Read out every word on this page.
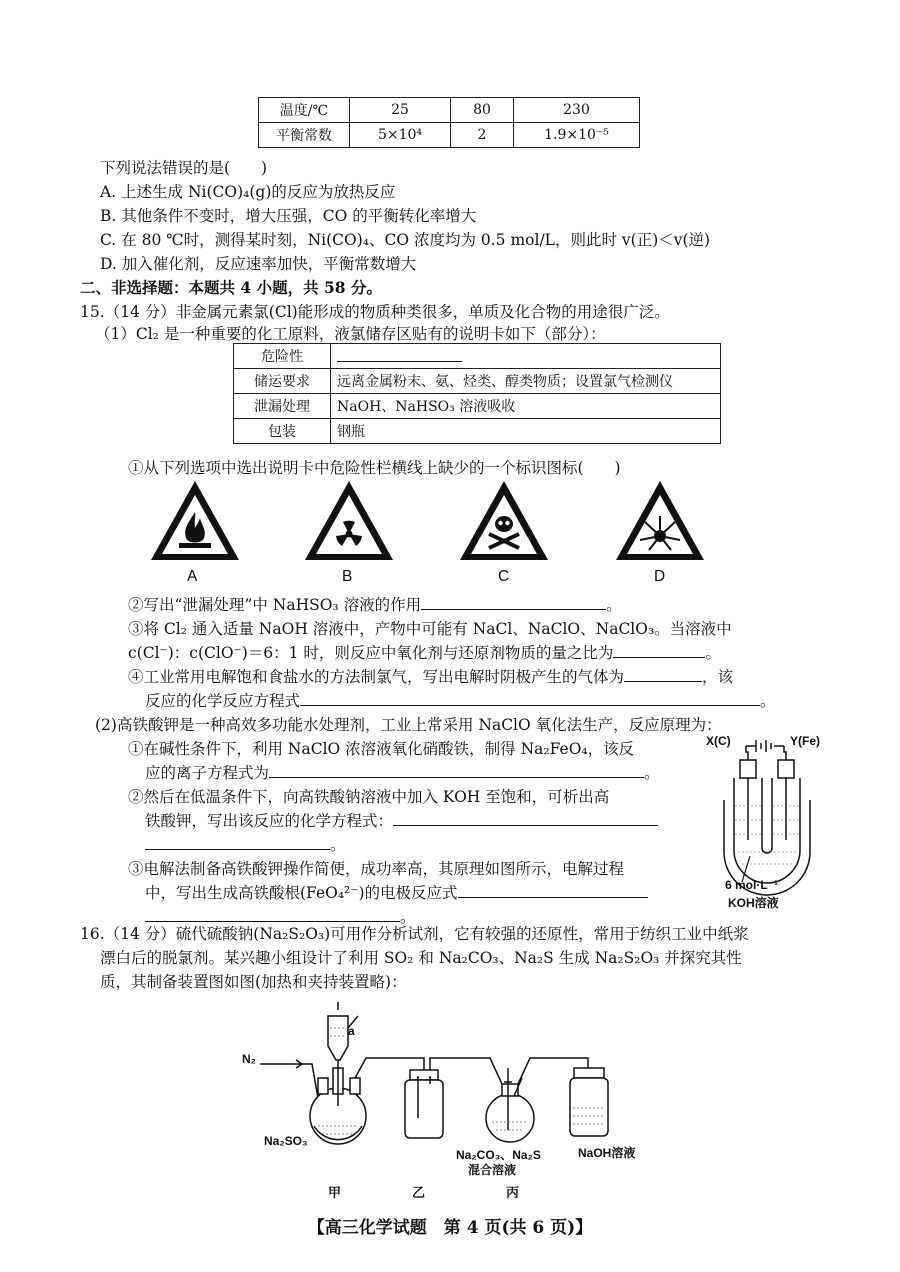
温度/℃	25	80	230
平衡常数	5×10⁴	2	1.9×10⁻⁵
下列说法错误的是(　　)
A. 上述生成 Ni(CO)₄(g)的反应为放热反应
B. 其他条件不变时，增大压强，CO 的平衡转化率增大
C. 在 80 ℃时，测得某时刻，Ni(CO)₄、CO 浓度均为 0.5 mol/L，则此时 v(正)＜v(逆)
D. 加入催化剂，反应速率加快，平衡常数增大
二、非选择题：本题共 4 小题，共 58 分。
15.（14 分）非金属元素氯(Cl)能形成的物质种类很多，单质及化合物的用途很广泛。
（1）Cl₂ 是一种重要的化工原料，液氯储存区贴有的说明卡如下（部分）：
危险性	
储运要求	远离金属粉末、氨、烃类、醇类物质；设置氯气检测仪
泄漏处理	NaOH、NaHSO₃ 溶液吸收
包装	钢瓶
①从下列选项中选出说明卡中危险性栏横线上缺少的一个标识图标(　　)
A	B	C	D
②写出“泄漏处理”中 NaHSO₃ 溶液的作用	。
③将 Cl₂ 通入适量 NaOH 溶液中，产物中可能有 NaCl、NaClO、NaClO₃。当溶液中
c(Cl⁻)：c(ClO⁻)＝6：1 时，则反应中氧化剂与还原剂物质的量之比为	。
④工业常用电解饱和食盐水的方法制氯气，写出电解时阴极产生的气体为	，该
反应的化学反应方程式	。
(2)高铁酸钾是一种高效多功能水处理剂，工业上常采用 NaClO 氧化法生产，反应原理为：
①在碱性条件下，利用 NaClO 浓溶液氧化硝酸铁，制得 Na₂FeO₄，该反
应的离子方程式为	。
②然后在低温条件下，向高铁酸钠溶液中加入 KOH 至饱和，可析出高
铁酸钾，写出该反应的化学方程式：
。
③电解法制备高铁酸钾操作简便，成功率高，其原理如图所示，电解过程
中，写出生成高铁酸根(FeO₄²⁻)的电极反应式
。
X(C)	Y(Fe)
6 mol·L⁻¹
KOH溶液
16.（14 分）硫代硫酸钠(Na₂S₂O₃)可用作分析试剂，它有较强的还原性，常用于纺织工业中纸浆
漂白后的脱氯剂。某兴趣小组设计了利用 SO₂ 和 Na₂CO₃、Na₂S 生成 Na₂S₂O₃ 并探究其性
质，其制备装置图如图(加热和夹持装置略)：
N₂
a
Na₂SO₃
Na₂CO₃、Na₂S
混合溶液
NaOH溶液
甲	乙	丙
【高三化学试题　第 4 页(共 6 页)】
